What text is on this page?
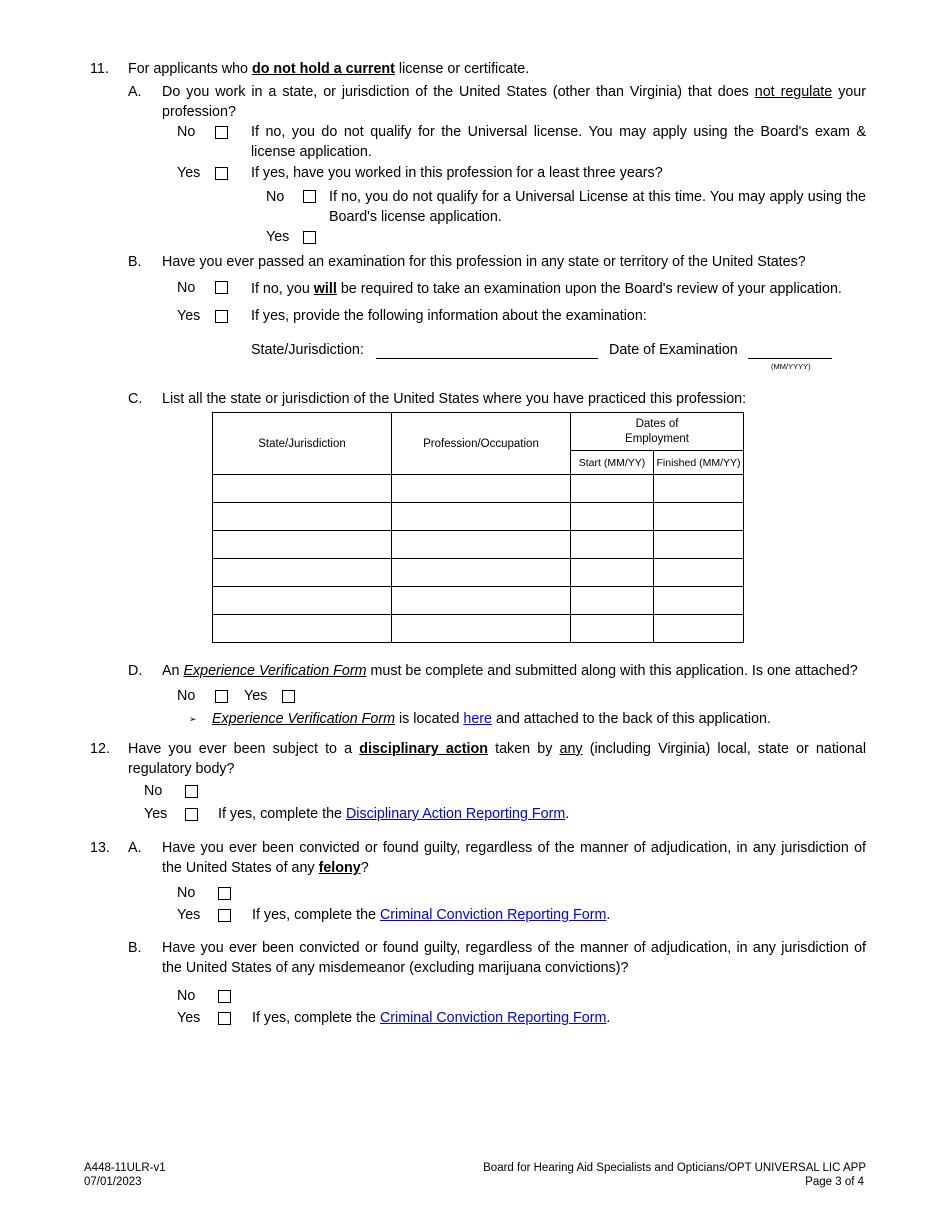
11. For applicants who do not hold a current license or certificate.
A. Do you work in a state, or jurisdiction of the United States (other than Virginia) that does not regulate your profession?
No	If no, you do not qualify for the Universal license. You may apply using the Board's exam & license application.
Yes	If yes, have you worked in this profession for a least three years?
No	If no, you do not qualify for a Universal License at this time. You may apply using the Board's license application.
Yes
B. Have you ever passed an examination for this profession in any state or territory of the United States?
No	If no, you will be required to take an examination upon the Board's review of your application.
Yes	If yes, provide the following information about the examination:
State/Jurisdiction:	Date of Examination
(MM/YYYY)
C. List all the state or jurisdiction of the United States where you have practiced this profession:
State/Jurisdiction	Profession/Occupation	Dates of Employment	

		Start (MM/YY)	Finished (MM/YY)

D. An Experience Verification Form must be complete and submitted along with this application. Is one attached?
No	Yes
➢ Experience Verification Form is located here and attached to the back of this application.
12. Have you ever been subject to a disciplinary action taken by any (including Virginia) local, state or national regulatory body?
No
Yes	If yes, complete the Disciplinary Action Reporting Form.
13. A. Have you ever been convicted or found guilty, regardless of the manner of adjudication, in any jurisdiction of the United States of any felony?
No
Yes	If yes, complete the Criminal Conviction Reporting Form.
B. Have you ever been convicted or found guilty, regardless of the manner of adjudication, in any jurisdiction of the United States of any misdemeanor (excluding marijuana convictions)?
No
Yes	If yes, complete the Criminal Conviction Reporting Form.
A448-11ULR-v1
07/01/2023
Board for Hearing Aid Specialists and Opticians/OPT UNIVERSAL LIC APP
Page 3 of 4
